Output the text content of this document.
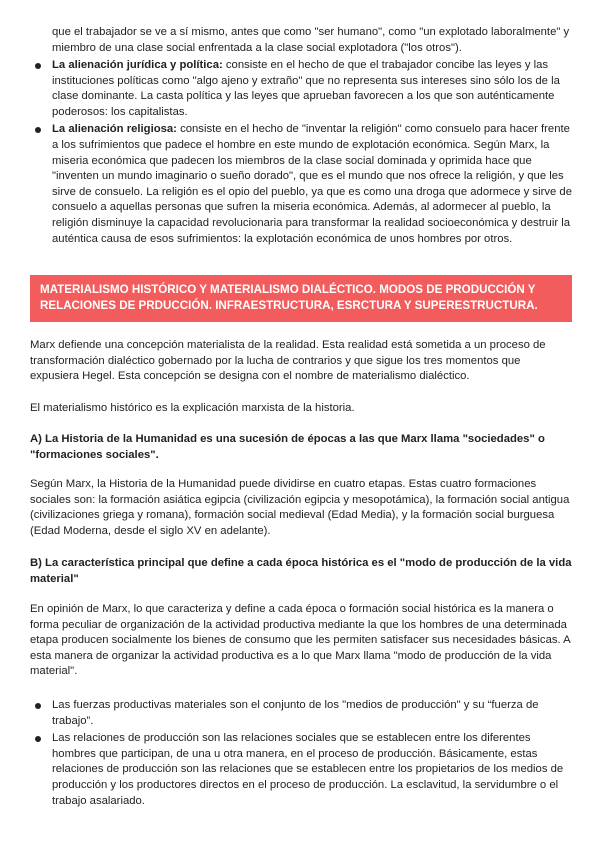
que el trabajador se ve a sí mismo, antes que como "ser humano", como "un explotado laboralmente" y miembro de una clase social enfrentada a la clase social explotadora ("los otros").
La alienación jurídica y política: consiste en el hecho de que el trabajador concibe las leyes y las instituciones políticas como "algo ajeno y extraño" que no representa sus intereses sino sólo los de la clase dominante. La casta política y las leyes que aprueban favorecen a los que son auténticamente poderosos: los capitalistas.
La alienación religiosa: consiste en el hecho de "inventar la religión" como consuelo para hacer frente a los sufrimientos que padece el hombre en este mundo de explotación económica. Según Marx, la miseria económica que padecen los miembros de la clase social dominada y oprimida hace que "inventen un mundo imaginario o sueño dorado", que es el mundo que nos ofrece la religión, y que les sirve de consuelo. La religión es el opio del pueblo, ya que es como una droga que adormece y sirve de consuelo a aquellas personas que sufren la miseria económica. Además, al adormecer al pueblo, la religión disminuye la capacidad revolucionaria para transformar la realidad socioeconómica y destruir la auténtica causa de esos sufrimientos: la explotación económica de unos hombres por otros.
MATERIALISMO HISTÓRICO Y MATERIALISMO DIALÉCTICO. MODOS DE PRODUCCIÓN Y RELACIONES DE PRDUCCIÓN. INFRAESTRUCTURA, ESRCTURA Y SUPERESTRUCTURA.
Marx defiende una concepción materialista de la realidad. Esta realidad está sometida a un proceso de transformación dialéctico gobernado por la lucha de contrarios y que sigue los tres momentos que expusiera Hegel. Esta concepción se designa con el nombre de materialismo dialéctico.
El materialismo histórico es la explicación marxista de la historia.
A) La Historia de la Humanidad es una sucesión de épocas a las que Marx llama "sociedades" o "formaciones sociales".
Según Marx, la Historia de la Humanidad puede dividirse en cuatro etapas. Estas cuatro formaciones sociales son: la formación asiática egipcia (civilización egipcia y mesopotámica), la formación social antigua (civilizaciones griega y romana), formación social medieval (Edad Media), y la formación social burguesa (Edad Moderna, desde el siglo XV en adelante).
B) La característica principal que define a cada época histórica es el "modo de producción de la vida material"
En opinión de Marx, lo que caracteriza y define a cada época o formación social histórica es la manera o forma peculiar de organización de la actividad productiva mediante la que los hombres de una determinada etapa producen socialmente los bienes de consumo que les permiten satisfacer sus necesidades básicas. A esta manera de organizar la actividad productiva es a lo que Marx llama "modo de producción de la vida material".
Las fuerzas productivas materiales son el conjunto de los "medios de producción" y su “fuerza de trabajo”.
Las relaciones de producción son las relaciones sociales que se establecen entre los diferentes hombres que participan, de una u otra manera, en el proceso de producción. Básicamente, estas relaciones de producción son las relaciones que se establecen entre los propietarios de los medios de producción y los productores directos en el proceso de producción. La esclavitud, la servidumbre o el trabajo asalariado.
